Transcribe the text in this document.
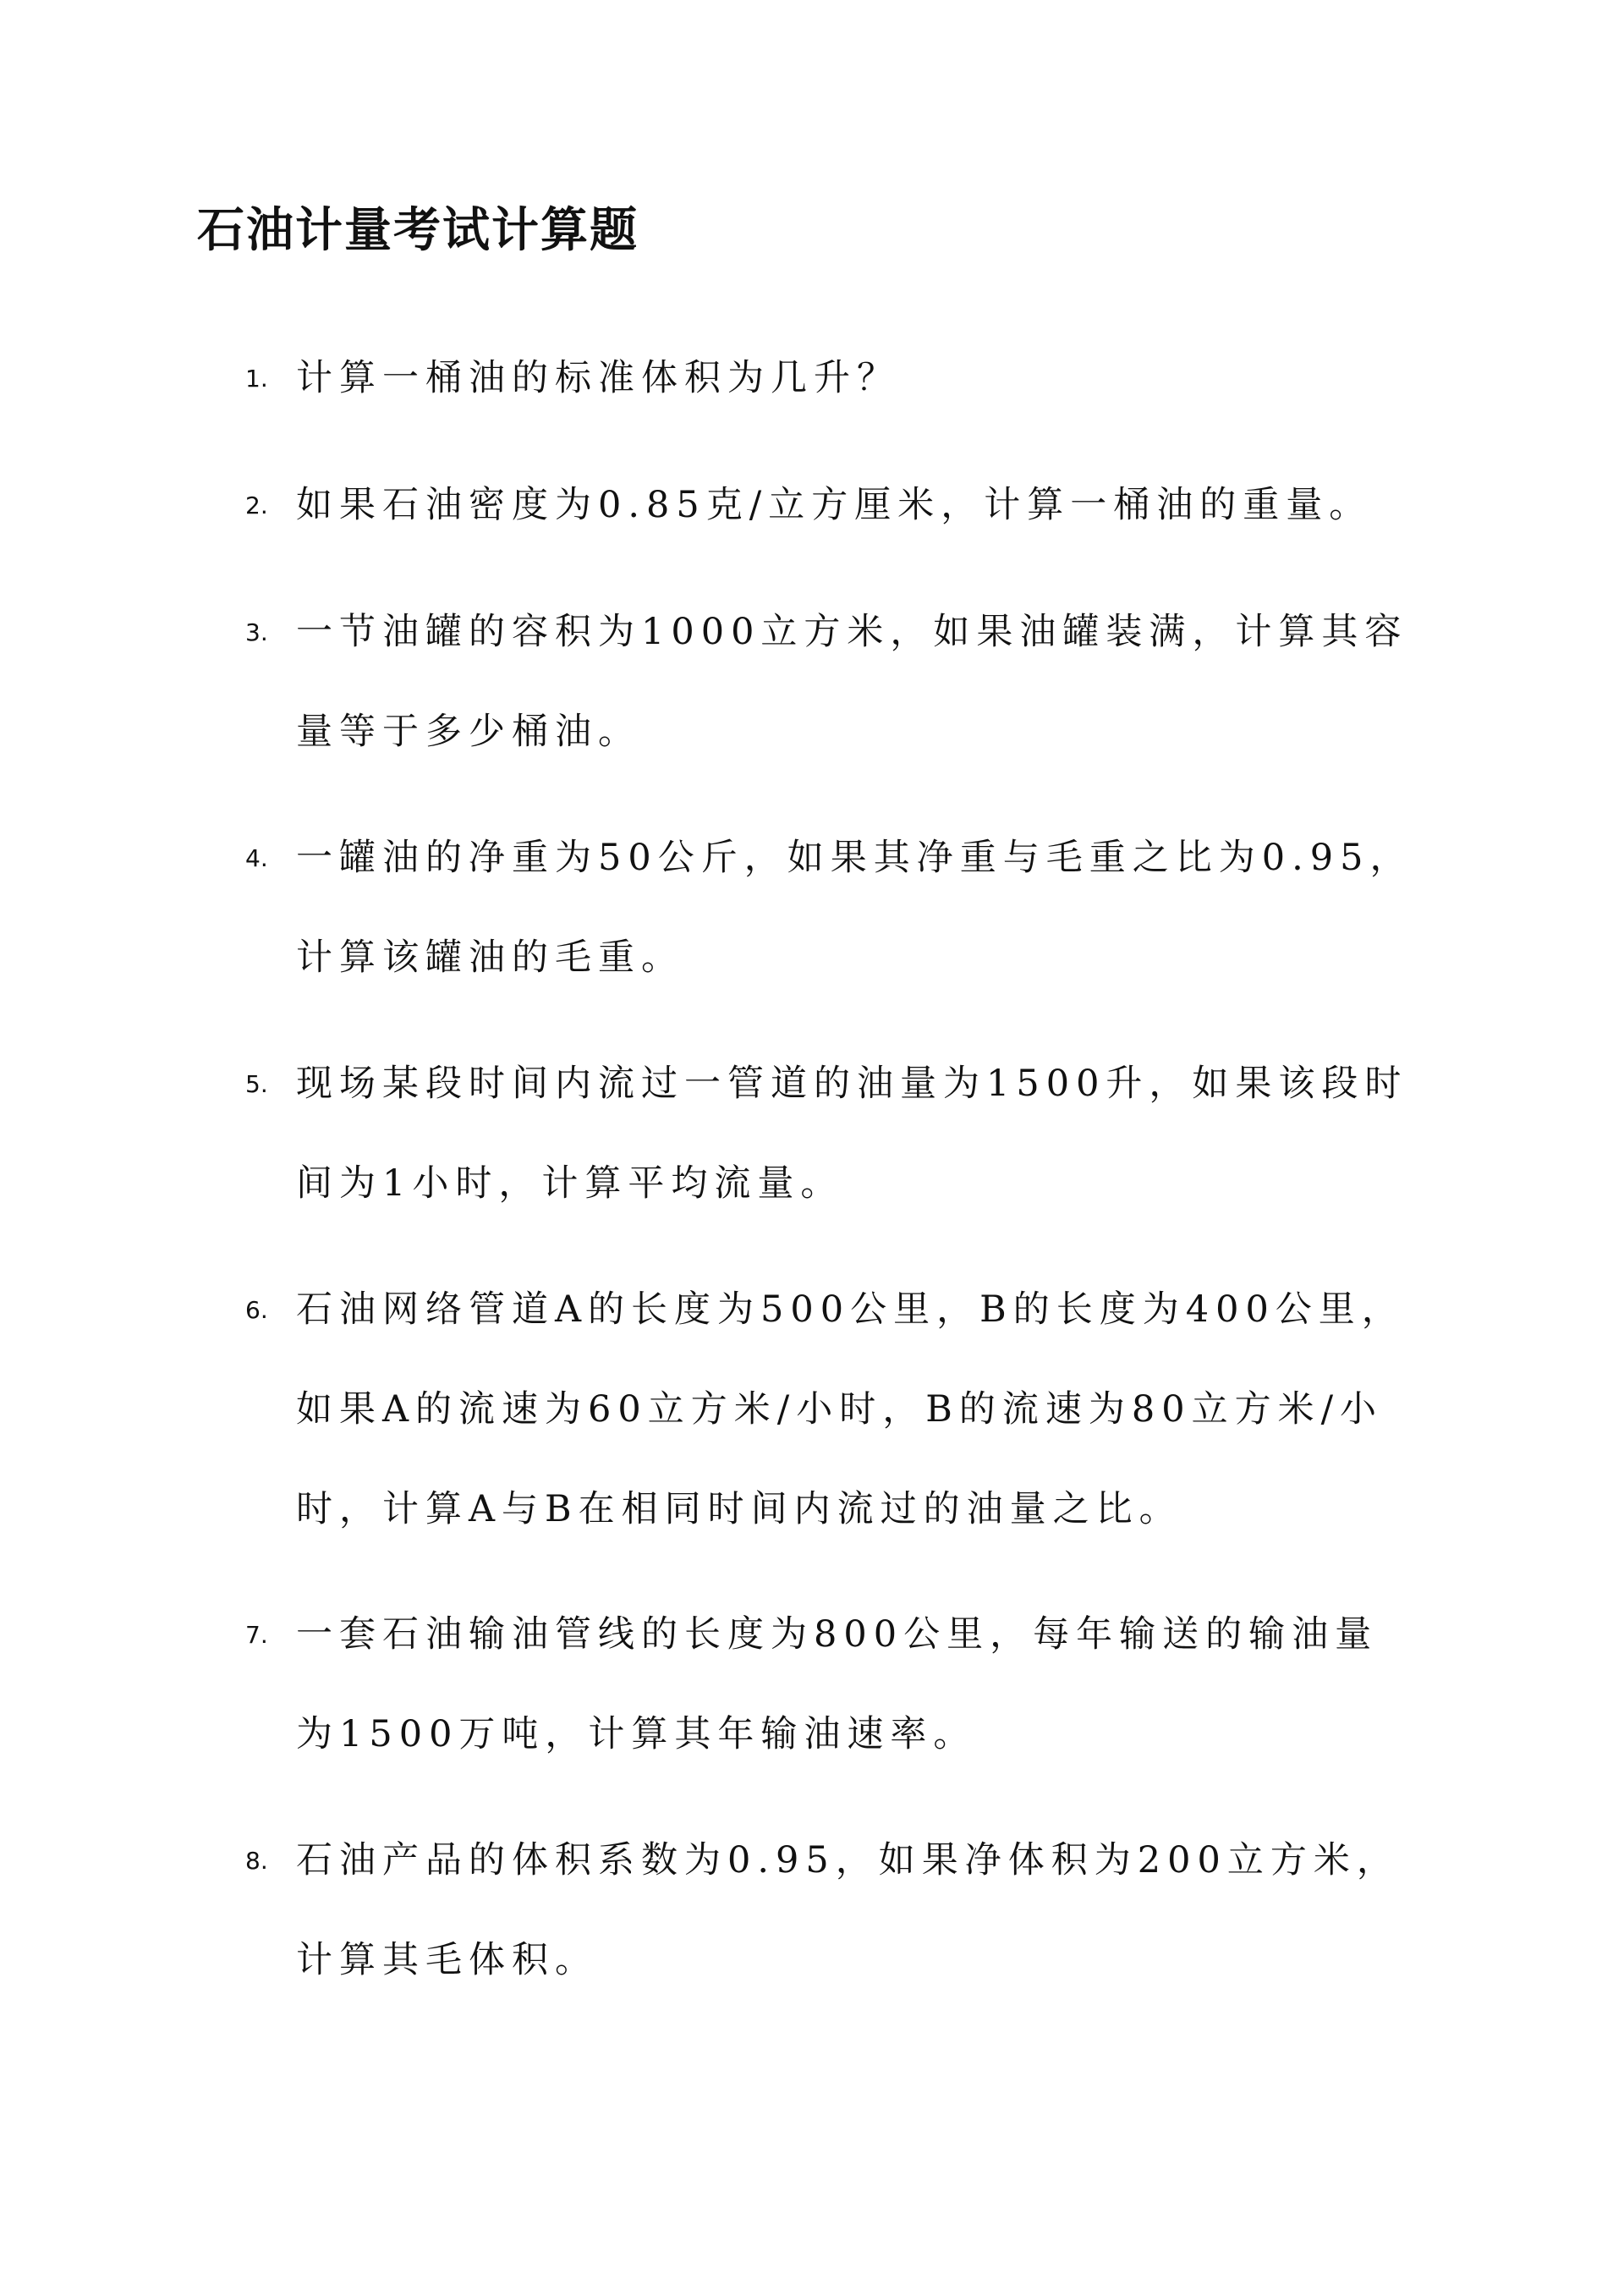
石油计量考试计算题
1. 计算一桶油的标准体积为几升？
2. 如果石油密度为0.85克/立方厘米，计算一桶油的重量。
3. 一节油罐的容积为1000立方米，如果油罐装满，计算其容量等于多少桶油。
4. 一罐油的净重为50公斤，如果其净重与毛重之比为0.95，计算该罐油的毛重。
5. 现场某段时间内流过一管道的油量为1500升，如果该段时间为1小时，计算平均流量。
6. 石油网络管道A的长度为500公里，B的长度为400公里，如果A的流速为60立方米/小时，B的流速为80立方米/小时，计算A与B在相同时间内流过的油量之比。
7. 一套石油输油管线的长度为800公里，每年输送的输油量为1500万吨，计算其年输油速率。
8. 石油产品的体积系数为0.95，如果净体积为200立方米，计算其毛体积。
